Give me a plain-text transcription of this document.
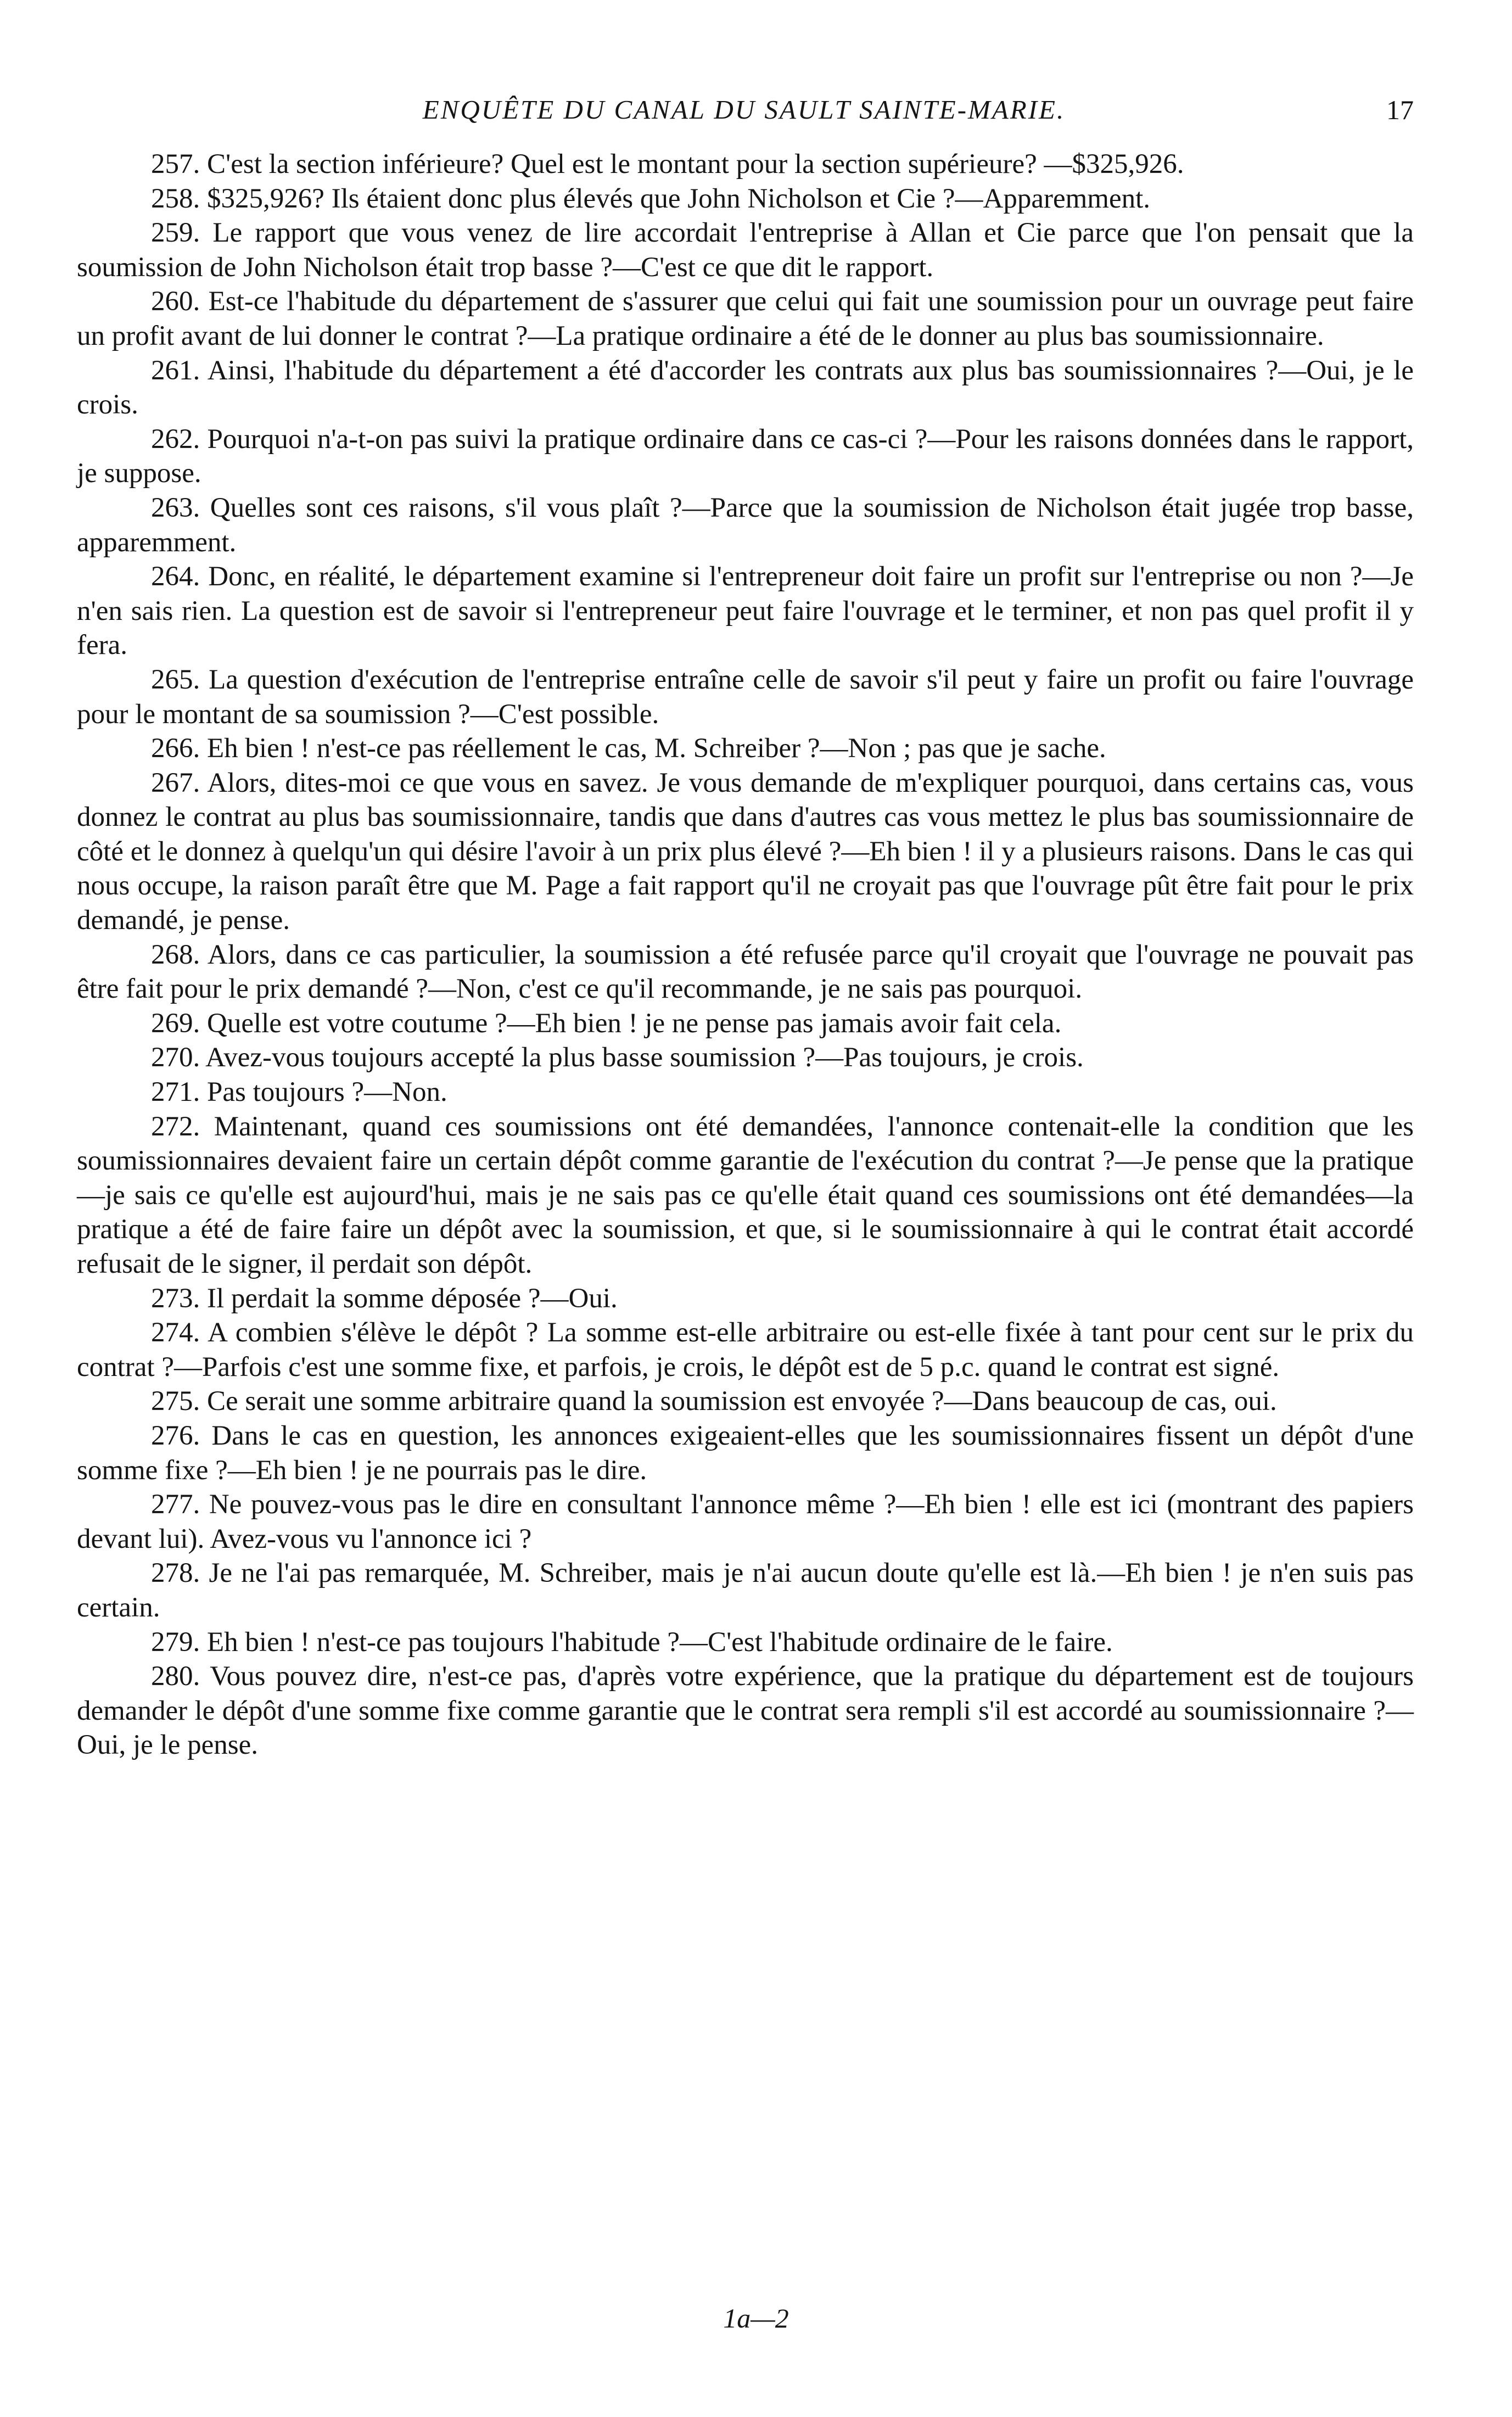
ENQUÊTE DU CANAL DU SAULT SAINTE-MARIE.	17

257. C'est la section inférieure? Quel est le montant pour la section supérieure? —$325,926.

258. $325,926? Ils étaient donc plus élevés que John Nicholson et Cie ?—Apparemment.

259. Le rapport que vous venez de lire accordait l'entreprise à Allan et Cie parce que l'on pensait que la soumission de John Nicholson était trop basse ?—C'est ce que dit le rapport.

260. Est-ce l'habitude du département de s'assurer que celui qui fait une soumission pour un ouvrage peut faire un profit avant de lui donner le contrat ?—La pratique ordinaire a été de le donner au plus bas soumissionnaire.

261. Ainsi, l'habitude du département a été d'accorder les contrats aux plus bas soumissionnaires ?—Oui, je le crois.

262. Pourquoi n'a-t-on pas suivi la pratique ordinaire dans ce cas-ci ?—Pour les raisons données dans le rapport, je suppose.

263. Quelles sont ces raisons, s'il vous plaît ?—Parce que la soumission de Nicholson était jugée trop basse, apparemment.

264. Donc, en réalité, le département examine si l'entrepreneur doit faire un profit sur l'entreprise ou non ?—Je n'en sais rien. La question est de savoir si l'entrepreneur peut faire l'ouvrage et le terminer, et non pas quel profit il y fera.

265. La question d'exécution de l'entreprise entraîne celle de savoir s'il peut y faire un profit ou faire l'ouvrage pour le montant de sa soumission ?—C'est possible.

266. Eh bien ! n'est-ce pas réellement le cas, M. Schreiber ?—Non ; pas que je sache.

267. Alors, dites-moi ce que vous en savez. Je vous demande de m'expliquer pourquoi, dans certains cas, vous donnez le contrat au plus bas soumissionnaire, tandis que dans d'autres cas vous mettez le plus bas soumissionnaire de côté et le donnez à quelqu'un qui désire l'avoir à un prix plus élevé ?—Eh bien ! il y a plusieurs raisons. Dans le cas qui nous occupe, la raison paraît être que M. Page a fait rapport qu'il ne croyait pas que l'ouvrage pût être fait pour le prix demandé, je pense.

268. Alors, dans ce cas particulier, la soumission a été refusée parce qu'il croyait que l'ouvrage ne pouvait pas être fait pour le prix demandé ?—Non, c'est ce qu'il recommande, je ne sais pas pourquoi.

269. Quelle est votre coutume ?—Eh bien ! je ne pense pas jamais avoir fait cela.

270. Avez-vous toujours accepté la plus basse soumission ?—Pas toujours, je crois.

271. Pas toujours ?—Non.

272. Maintenant, quand ces soumissions ont été demandées, l'annonce contenait-elle la condition que les soumissionnaires devaient faire un certain dépôt comme garantie de l'exécution du contrat ?—Je pense que la pratique—je sais ce qu'elle est aujourd'hui, mais je ne sais pas ce qu'elle était quand ces soumissions ont été demandées—la pratique a été de faire faire un dépôt avec la soumission, et que, si le soumissionnaire à qui le contrat était accordé refusait de le signer, il perdait son dépôt.

273. Il perdait la somme déposée ?—Oui.

274. A combien s'élève le dépôt ? La somme est-elle arbitraire ou est-elle fixée à tant pour cent sur le prix du contrat ?—Parfois c'est une somme fixe, et parfois, je crois, le dépôt est de 5 p.c. quand le contrat est signé.

275. Ce serait une somme arbitraire quand la soumission est envoyée ?—Dans beaucoup de cas, oui.

276. Dans le cas en question, les annonces exigeaient-elles que les soumissionnaires fissent un dépôt d'une somme fixe ?—Eh bien ! je ne pourrais pas le dire.

277. Ne pouvez-vous pas le dire en consultant l'annonce même ?—Eh bien ! elle est ici (montrant des papiers devant lui). Avez-vous vu l'annonce ici ?

278. Je ne l'ai pas remarquée, M. Schreiber, mais je n'ai aucun doute qu'elle est là.—Eh bien ! je n'en suis pas certain.

279. Eh bien ! n'est-ce pas toujours l'habitude ?—C'est l'habitude ordinaire de le faire.

280. Vous pouvez dire, n'est-ce pas, d'après votre expérience, que la pratique du département est de toujours demander le dépôt d'une somme fixe comme garantie que le contrat sera rempli s'il est accordé au soumissionnaire ?—Oui, je le pense.

1a—2
